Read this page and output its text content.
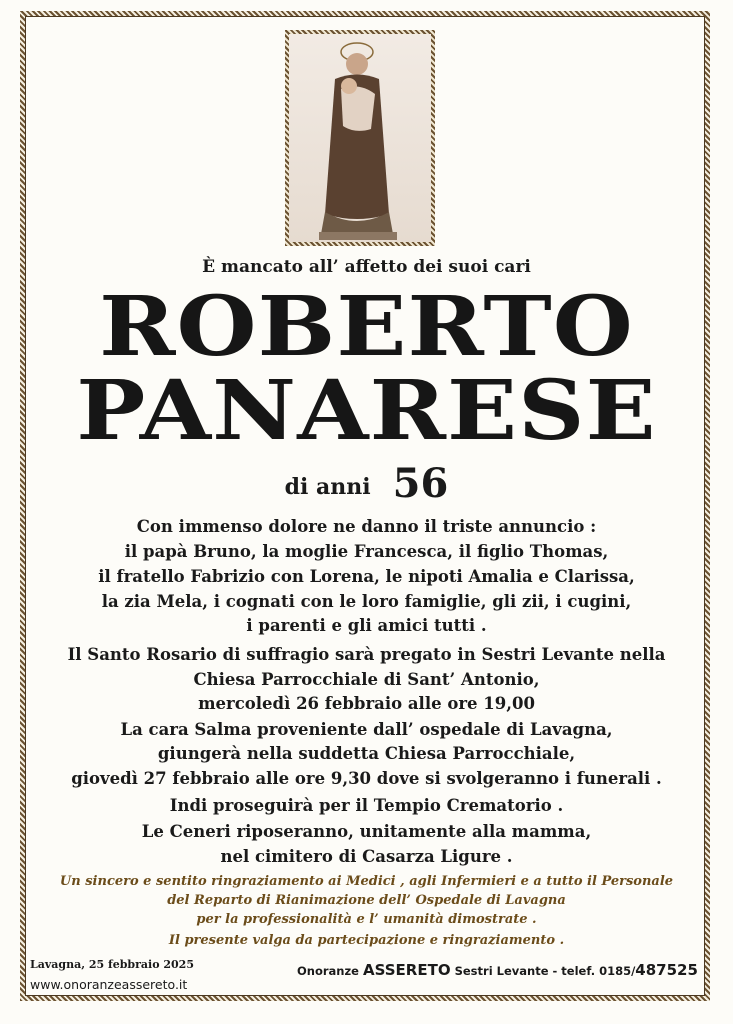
È mancato all’ affetto dei suoi cari
ROBERTO
PANARESE
di anni 56
Con immenso dolore ne danno il triste annuncio :
il papà Bruno, la moglie Francesca, il figlio Thomas,
il fratello Fabrizio con Lorena, le nipoti Amalia e Clarissa,
la zia Mela, i cognati con le loro famiglie, gli zii, i cugini,
i parenti e gli amici tutti .
Il Santo Rosario di suffragio sarà pregato in Sestri Levante nella
Chiesa Parrocchiale di Sant’ Antonio,
mercoledì 26 febbraio alle ore 19,00
La cara Salma proveniente dall’ ospedale di Lavagna,
giungerà nella suddetta Chiesa Parrocchiale,
giovedì 27 febbraio alle ore 9,30 dove si svolgeranno i funerali .
Indi proseguirà per il Tempio Crematorio .
Le Ceneri riposeranno, unitamente alla mamma,
nel cimitero di Casarza Ligure .
Un sincero e sentito ringraziamento ai Medici , agli Infermieri e a tutto il Personale
del Reparto di Rianimazione dell’ Ospedale di Lavagna
per la professionalità e l’ umanità dimostrate .
Il presente valga da partecipazione e ringraziamento .
Lavagna, 25 febbraio 2025
www.onoranzeassereto.it
Onoranze ASSERETO Sestri Levante - telef. 0185/487525
